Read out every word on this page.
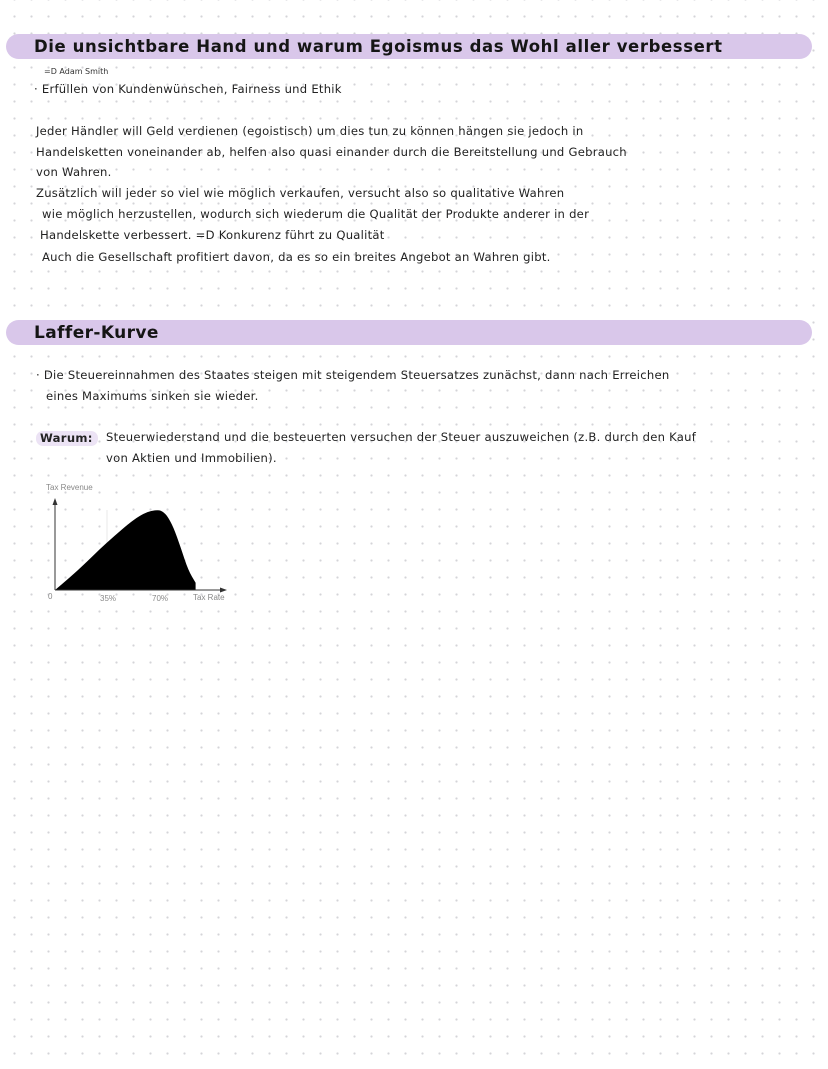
Die unsichtbare Hand und warum Egoismus das Wohl aller verbessert
=D Adam Smith
· Erfüllen von Kundenwünschen, Fairness und Ethik
Jeder Händler will Geld verdienen (egoistisch) um dies tun zu können hängen sie jedoch in
Handelsketten voneinander ab, helfen also quasi einander durch die Bereitstellung und Gebrauch
von Wahren.
Zusätzlich will jeder so viel wie möglich verkaufen, versucht also so qualitative Wahren
wie möglich herzustellen, wodurch sich wiederum die Qualität der Produkte anderer in der
Handelskette verbessert. =D Konkurenz führt zu Qualität
Auch die Gesellschaft profitiert davon, da es so ein breites Angebot an Wahren gibt.
Laffer-Kurve
· Die Steuereinnahmen des Staates steigen mit steigendem Steuersatzes zunächst, dann nach Erreichen
eines Maximums sinken sie wieder.
Warum: Steuerwiederstand und die besteuerten versuchen der Steuer auszuweichen (z.B. durch den Kauf
von Aktien und Immobilien).
Tax Revenue
0	35%	70%	Tax Rate
